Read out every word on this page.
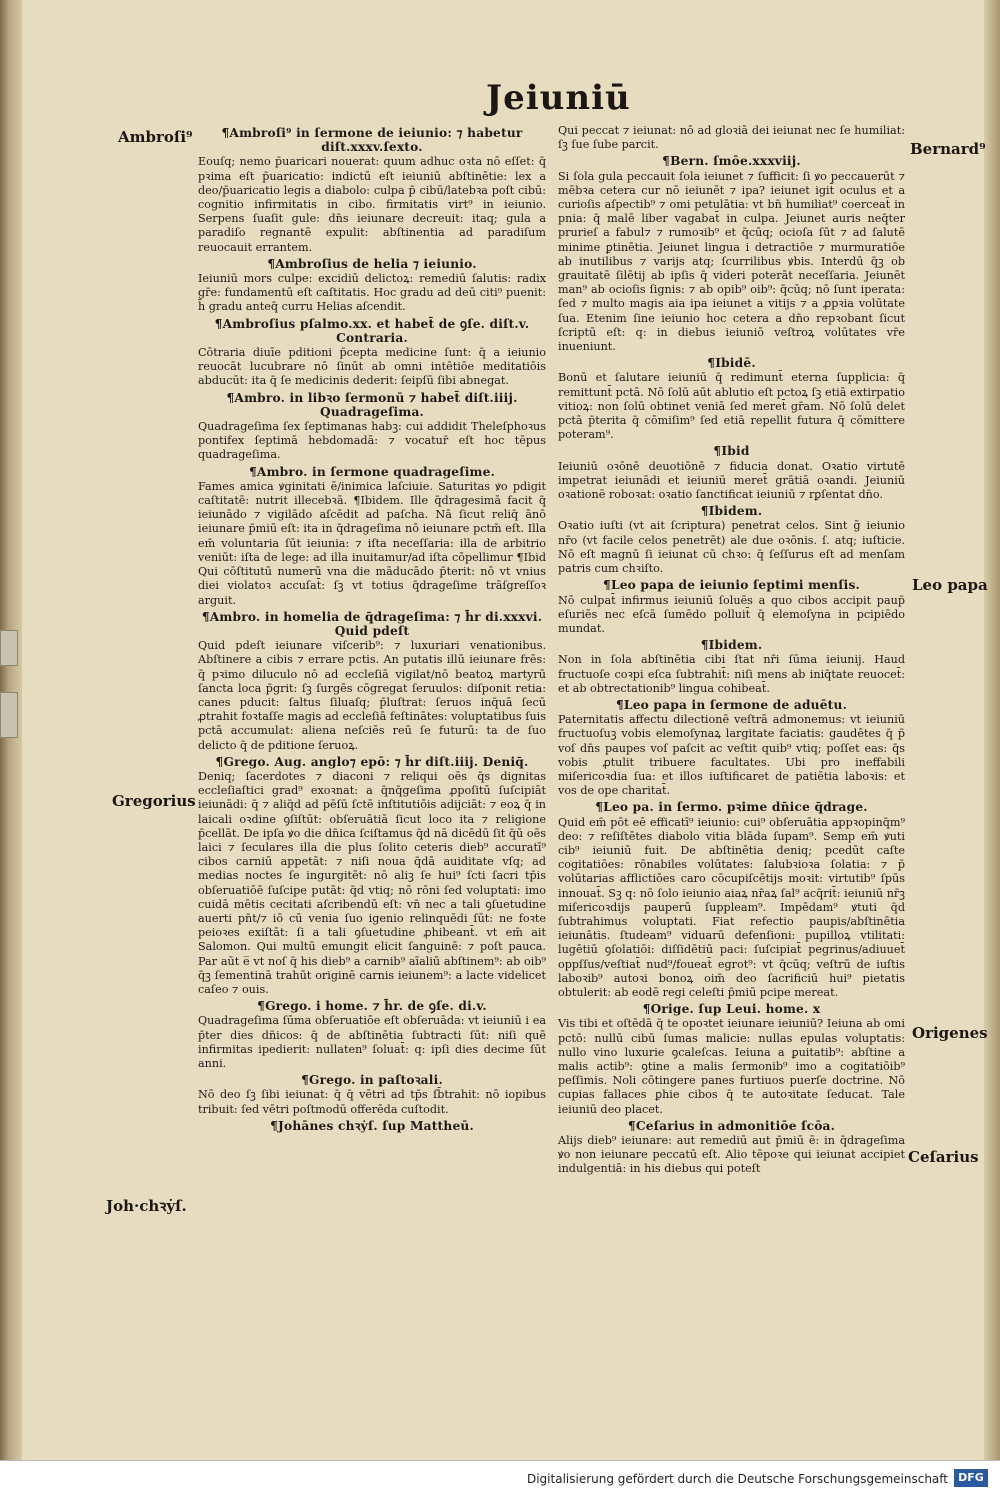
Jeiuniū
Ambroſi⁹
Bernard⁹
Leo papa
Gregorius
Origenes
Ceſarius
Joh·chꝛẏſ.
¶Ambroſi⁹ in ſermone de ieiunio: ⁊ habetur diſt.xxxv.ſexto.

Eouſq; nemo p̄uaricari nouerat: quum adhuc oꝛta nō eſſet: q̄ pꝛima eſt p̄uaricatio: indictū eſt ieiuniū abſtinētie: lex a deo/p̄uaricatio legis a diabolo: culpa p̄ cibū/latebꝛa poſt cibū: cognitio infirmitatis in cibo. firmitatis virt⁹ in ieiunio. Serpens ſuaſit gule: dn̄s ieiunare decreuit: itaq; gula a paradiſo regnantē expulit: abſtinentia ad paradiſum reuocauit errantem.

¶Ambroſius de helia ⁊ ieiunio.

Ieiuniū mors culpe: excidiū delictoꝝ: remediū ſalutis: radix gr̄e: fundamentū eſt caſtitatis. Hoc gradu ad deū citi⁹ puenit: h̄ gradu anteq̄ curru Helias aſcendit.

¶Ambroſius pſalmo.xx. et habet̄ de ꝯſe. diſt.v. Contraria.

Cōtraria diuīe pditioni p̄cepta medicine ſunt: q̄ a ieiunio reuocāt lucubrare nō ſinūt ab omni intētiōe meditatiōis abducūt: ita q̄ ſe medicinis dederit: ſeipſū ſibi abnegat.

¶Ambro. in libꝛo ſermonū ⁊ habet̄ diſt.iiij. Quadrageſima.

Quadrageſima ſex ſeptimanas habꝫ: cui addidit Theleſphoꝛus pontifex ſeptimā hebdomadā: ⁊ vocatur̄ eſt hoc tēpus quadrageſima.

¶Ambro. in ſermone quadrageſime.

Fames amica ꝟginitati ē/inimica laſciuie. Saturitas ꝟo pdigit caſtitatē: nutrit illecebꝛā. ¶Ibidem. Ille q̄dragesimā facit q̄ ieiunādo ⁊ vigilādo aſcēdit ad paſcha. Nā ſicut reliq̄ ānō ieiunare p̄miū eſt: ita in q̄drageſima nō ieiunare pctm̄ eſt. Illa em̄ voluntaria ſūt ieiunia: ⁊ iſta neceſſaria: illa de arbitrio veniūt: iſta de lege: ad illa inuitamur/ad iſta cōpellimur ¶Ibid Qui cōſtitutū numerū vna die māducādo p̄terit: nō vt vnius diei violatoꝛ accuſat̄: ſꝫ vt totius q̄drageſime trāſgreſſoꝛ arguit.

¶Ambro. in homelia de q̄drageſima: ⁊ h̄r di.xxxvi. Quid pdeſt

Quid pdeſt ieiunare viſcerib⁹: ⁊ luxuriari venationibus. Abſtinere a cibis ⁊ errare pctis. An putatis illū ieiunare frēs: q̄ pꝛimo diluculo nō ad eccleſiā vigilat/nō beatoꝝ martyrū ſancta loca p̄grit: ſꝫ ſurgēs cōgregat ſeruulos: diſponit retia: canes pducit: ſaltus ſiluaſq; p̄luſtrat: ſeruos inq̄uā ſecū ꝓtrahit foꝛtaſſe magis ad eccleſiā feſtinātes: voluptatibus ſuis pctā accumulat: aliena neſciēs reū ſe futurū: ta de ſuo delicto q̄ de pditione ſeruoꝝ.

¶Grego. Aug. anglo⁊ epō: ⁊ h̄r diſt.iiij. Deniq̄.

Deniq; ſacerdotes ⁊ diaconi ⁊ reliqui oēs q̄s dignitas eccleſiaſtici grad⁹ exoꝛnat: a q̄nq̄geſima ꝓpoſitū ſuſcipiāt ieiunādi: q̄ ⁊ aliq̄d ad pēſū ſctē inſtitutiōis adijciāt: ⁊ eoꝝ q̄ in laicali oꝛdine ꝯſiſtūt: obſeruātiā ſicut loco ita ⁊ religione p̄cellāt. De ipſa ꝟo die dn̄ica ſciſtamus q̄d nā dicēdū ſit q̄ū oēs laici ⁊ ſeculares illa die plus ſolito ceteris dieb⁹ accuratī⁹ cibos carniū appetāt: ⁊ niſi noua q̄dā auiditate vſq; ad medias noctes ſe ingurgitēt: nō aliꝫ ſe hui⁹ ſcti ſacri tp̄is obſeruatiōē ſuſcipe putāt: q̄d vtiq; nō rōni ſed voluptati: imo cuidā mētis cecitati aſcribendū eſt: vn̄ nec a tali ꝯſuetudine auerti pn̄t/⁊ iō cū venia ſuo igenio relinquēdi ſūt: ne foꝛte peioꝛes exiſtāt: ſi a tali ꝯſuetudine ꝓhibeant̄. vt em̄ ait Salomon. Qui multū emungit elicit ſanguinē: ⁊ poſt pauca. Par aūt e̅ vt noſ q̄ his dieb⁹ a carnib⁹ aīaliū abſtinem⁹: ab oib⁹ q̄ꝫ ſementinā trahūt originē carnis ieiunem⁹: a lacte videlicet caſeo ⁊ ouis.

¶Grego. i home. ⁊ h̄r. de ꝯſe. di.v.

Quadrageſima ſūma obſeruatiōe eſt obſeruāda: vt ieiuniū i ea p̄ter dies dn̄icos: q̄ de abſtinētia ſubtracti ſūt: niſi quē infirmitas ipedierit: nullaten⁹ ſoluat̄: q: ipſi dies decime ſūt anni.

¶Grego. in paſtoꝛali.

Nō deo ſꝫ ſibi ieiunat: q̄ q̄ vētri ad tp̄s ſb̄trahit: nō iopibus tribuit: ſed vētri poſtmodū offerēda cuſtodit.

¶Johānes chꝛẏſ. ſup Mattheū.

Qui peccat ⁊ ieiunat: nō ad gloꝛiā dei ieiunat nec ſe humiliat: ſꝫ ſue ſube parcit.

¶Bern. ſmōe.xxxviij.

Si ſola gula peccauit ſola ieiunet ⁊ ſufficit: ſi ꝟo peccauerūt ⁊ mēbꝛa cetera cur nō ieiunēt ⁊ ipa? ieiunet igit̄ oculus et a curioſis aſpectib⁹ ⁊ omi petulātia: vt bn̄ humiliat⁹ coerceat̄ in pnia: q̄ malē liber vagabat̄ in culpa. Jeiunet auris neq̄ter prurieſ a fabul⁊ ⁊ rumoꝛib⁹ et q̄cūq; ocioſa ſūt ⁊ ad ſalutē minime ꝑtinētia. Jeiunet lingua i detractiōe ⁊ murmuratiōe ab inutilibus ⁊ varijs atq; ſcurrilibus ꝟbis. Interdū q̄ꝫ ob grauitatē ſilētij ab ipſis q̄ videri poterāt neceſſaria. Jeiunēt man⁹ ab ocioſis ſignis: ⁊ ab opib⁹ oib⁹: q̄cūq; nō ſunt iperata: ſed ⁊ multo magis aia ipa ieiunet a vitijs ⁊ a ꝓpꝛia volūtate ſua. Etenim ſine ieiunio hoc cetera a dn̄o repꝛobant ſicut ſcriptū eſt: q: in diebus ieiuniō veſtroꝝ volūtates vr̄e inueniunt.

¶Ibidē.

Bonū et ſalutare ieiuniū q̄ redimunt̄ eterna ſupplicia: q̄ remittunt̄ pctā. Nō ſolū aūt ablutio eſt pctoꝝ ſꝫ etiā extirpatio vitioꝝ: non ſolū obtinet veniā ſed meret̄ gr̄am. Nō ſolū delet pctā p̄terita q̄ cōmiſim⁹ ſed etiā repellit futura q̄ cōmittere poteram⁹.

¶Ibid

Ieiuniū oꝛōnē deuotiōnē ⁊ fiducia donat. Oꝛatio virtutē impetrat ieiunādi et ieiuniū meret̄ grātiā oꝛandi. Jeiuniū oꝛationē roboꝛat: oꝛatio ſanctificat ieiuniū ⁊ rꝑſentat dn̄o.

¶Ibidem.

Oꝛatio iuſti (vt ait ſcriptura) penetrat celos. Sint g̃ ieiunio nr̄o (vt facile celos penetrēt) ale due oꝛōnis. ſ. atq; iuſticie. Nō eſt magnū ſi ieiunat cū chꝛo: q̄ ſeſſurus eſt ad menſam patris cum chꝛiſto.

¶Leo papa de ieiunio ſeptimi menſis.

Nō culpat̄ infirmus ieiuniū ſoluēs a quo cibos accipit paup̄ eſuriēs nec eſcā ſumēdo polluit̄ q̄ elemoſyna in pcipiēdo mundat.

¶Ibidem.

Non in ſola abſtinētia cibi ſtat nr̄i ſūma ieiunij. Haud fructuoſe coꝛpi eſca ſubtrahit̄: niſi mens ab iniq̄tate reuocet̄: et ab obtrectationib⁹ lingua cohibeat̄.

¶Leo papa in ſermone de aduētu.

Paternitatis affectu dilectionē veſtrā admonemus: vt ieiuniū fructuoſuꝫ vobis elemoſynaꝝ largitate faciatis: gaudētes q̄ p̄ voſ dn̄s paupes voſ paſcit ac veſtit quib⁹ vtiq; poſſet eas: q̄s vobis ꝓtulit tribuere facultates. Ubi pro ineffabili miſericoꝛdia ſua: et illos iuſtificaret de patiētia laboꝛis: et vos de ope charitat̄.

¶Leo pa. in ſermo. pꝛime dn̄ice q̄drage.

Quid em̄ pōt eē efficatī⁹ ieiunio: cui⁹ obſeruātia appꝛopinq̄m⁹ deo: ⁊ reſiſtētes diabolo vitia blāda ſupam⁹. Semp em̄ ꝟuti cib⁹ ieiuniū fuit. De abſtinētia deniq; pcedūt caſte cogitatiōes: rōnabiles volūtates: ſalubꝛioꝛa ſolatia: ⁊ p̄ volūtarias afflictiōes caro cōcupiſcētijs moꝛit: virtutib⁹ ſpūs innouat̄. Sꝫ q: nō ſolo ieiunio aiaꝝ nr̄aꝝ ſal⁹ acq̄rit̄: ieiuniū nr̄ꝫ miſericoꝛdijs pauperū ſuppleam⁹. Impēdam⁹ ꝟtuti q̄d ſubtrahimus voluptati. Fiat refectio paupis/abſtinētia ieiunātis. ſtudeam⁹ viduarū defenſioni: pupilloꝝ vtilitati: lugētiū ꝯſolatiōi: diſſidētiū paci: ſuſcipiat̄ pegrinus/adiuuet̄ oppſſus/veſtiat̄ nud⁹/foueat̄ egrot⁹: vt q̄cūq; veſtrū de iuſtis laboꝛib⁹ autoꝛi bonoꝝ oim̄ deo ſacrificiū hui⁹ pietatis obtulerit: ab eodē regi celeſti p̄miū pcipe mereat.

¶Orige. ſup Leui. home. x

Vis tibi et oſtēdā q̄ te opoꝛtet ieiunare ieiuniū? Ieiuna ab omi pctō: nullū cibū ſumas malicie: nullas epulas voluptatis: nullo vino luxurie ꝯcaleſcas. Ieiuna a ꝑuitatib⁹: abſtine a malis actib⁹: ꝯtine a malis ſermonib⁹ imo a cogitatiōib⁹ peſſimis. Noli cōtingere panes furtiuos puerſe doctrine. Nō cupias fallaces ꝑhie cibos q̄ te autoꝛitate ſeducat. Tale ieiuniū deo placet.

¶Ceſarius in admonitiōe ſcōa.

Alijs dieb⁹ ieiunare: aut remediū aut p̄miū ē: in q̄drageſima ꝟo non ieiunare peccatū eſt. Alio tēpoꝛe qui ieiunat accipiet indulgentiā: in his diebus qui poteſt

Digitalisierung gefördert durch die Deutsche Forschungsgemeinschaft DFG
